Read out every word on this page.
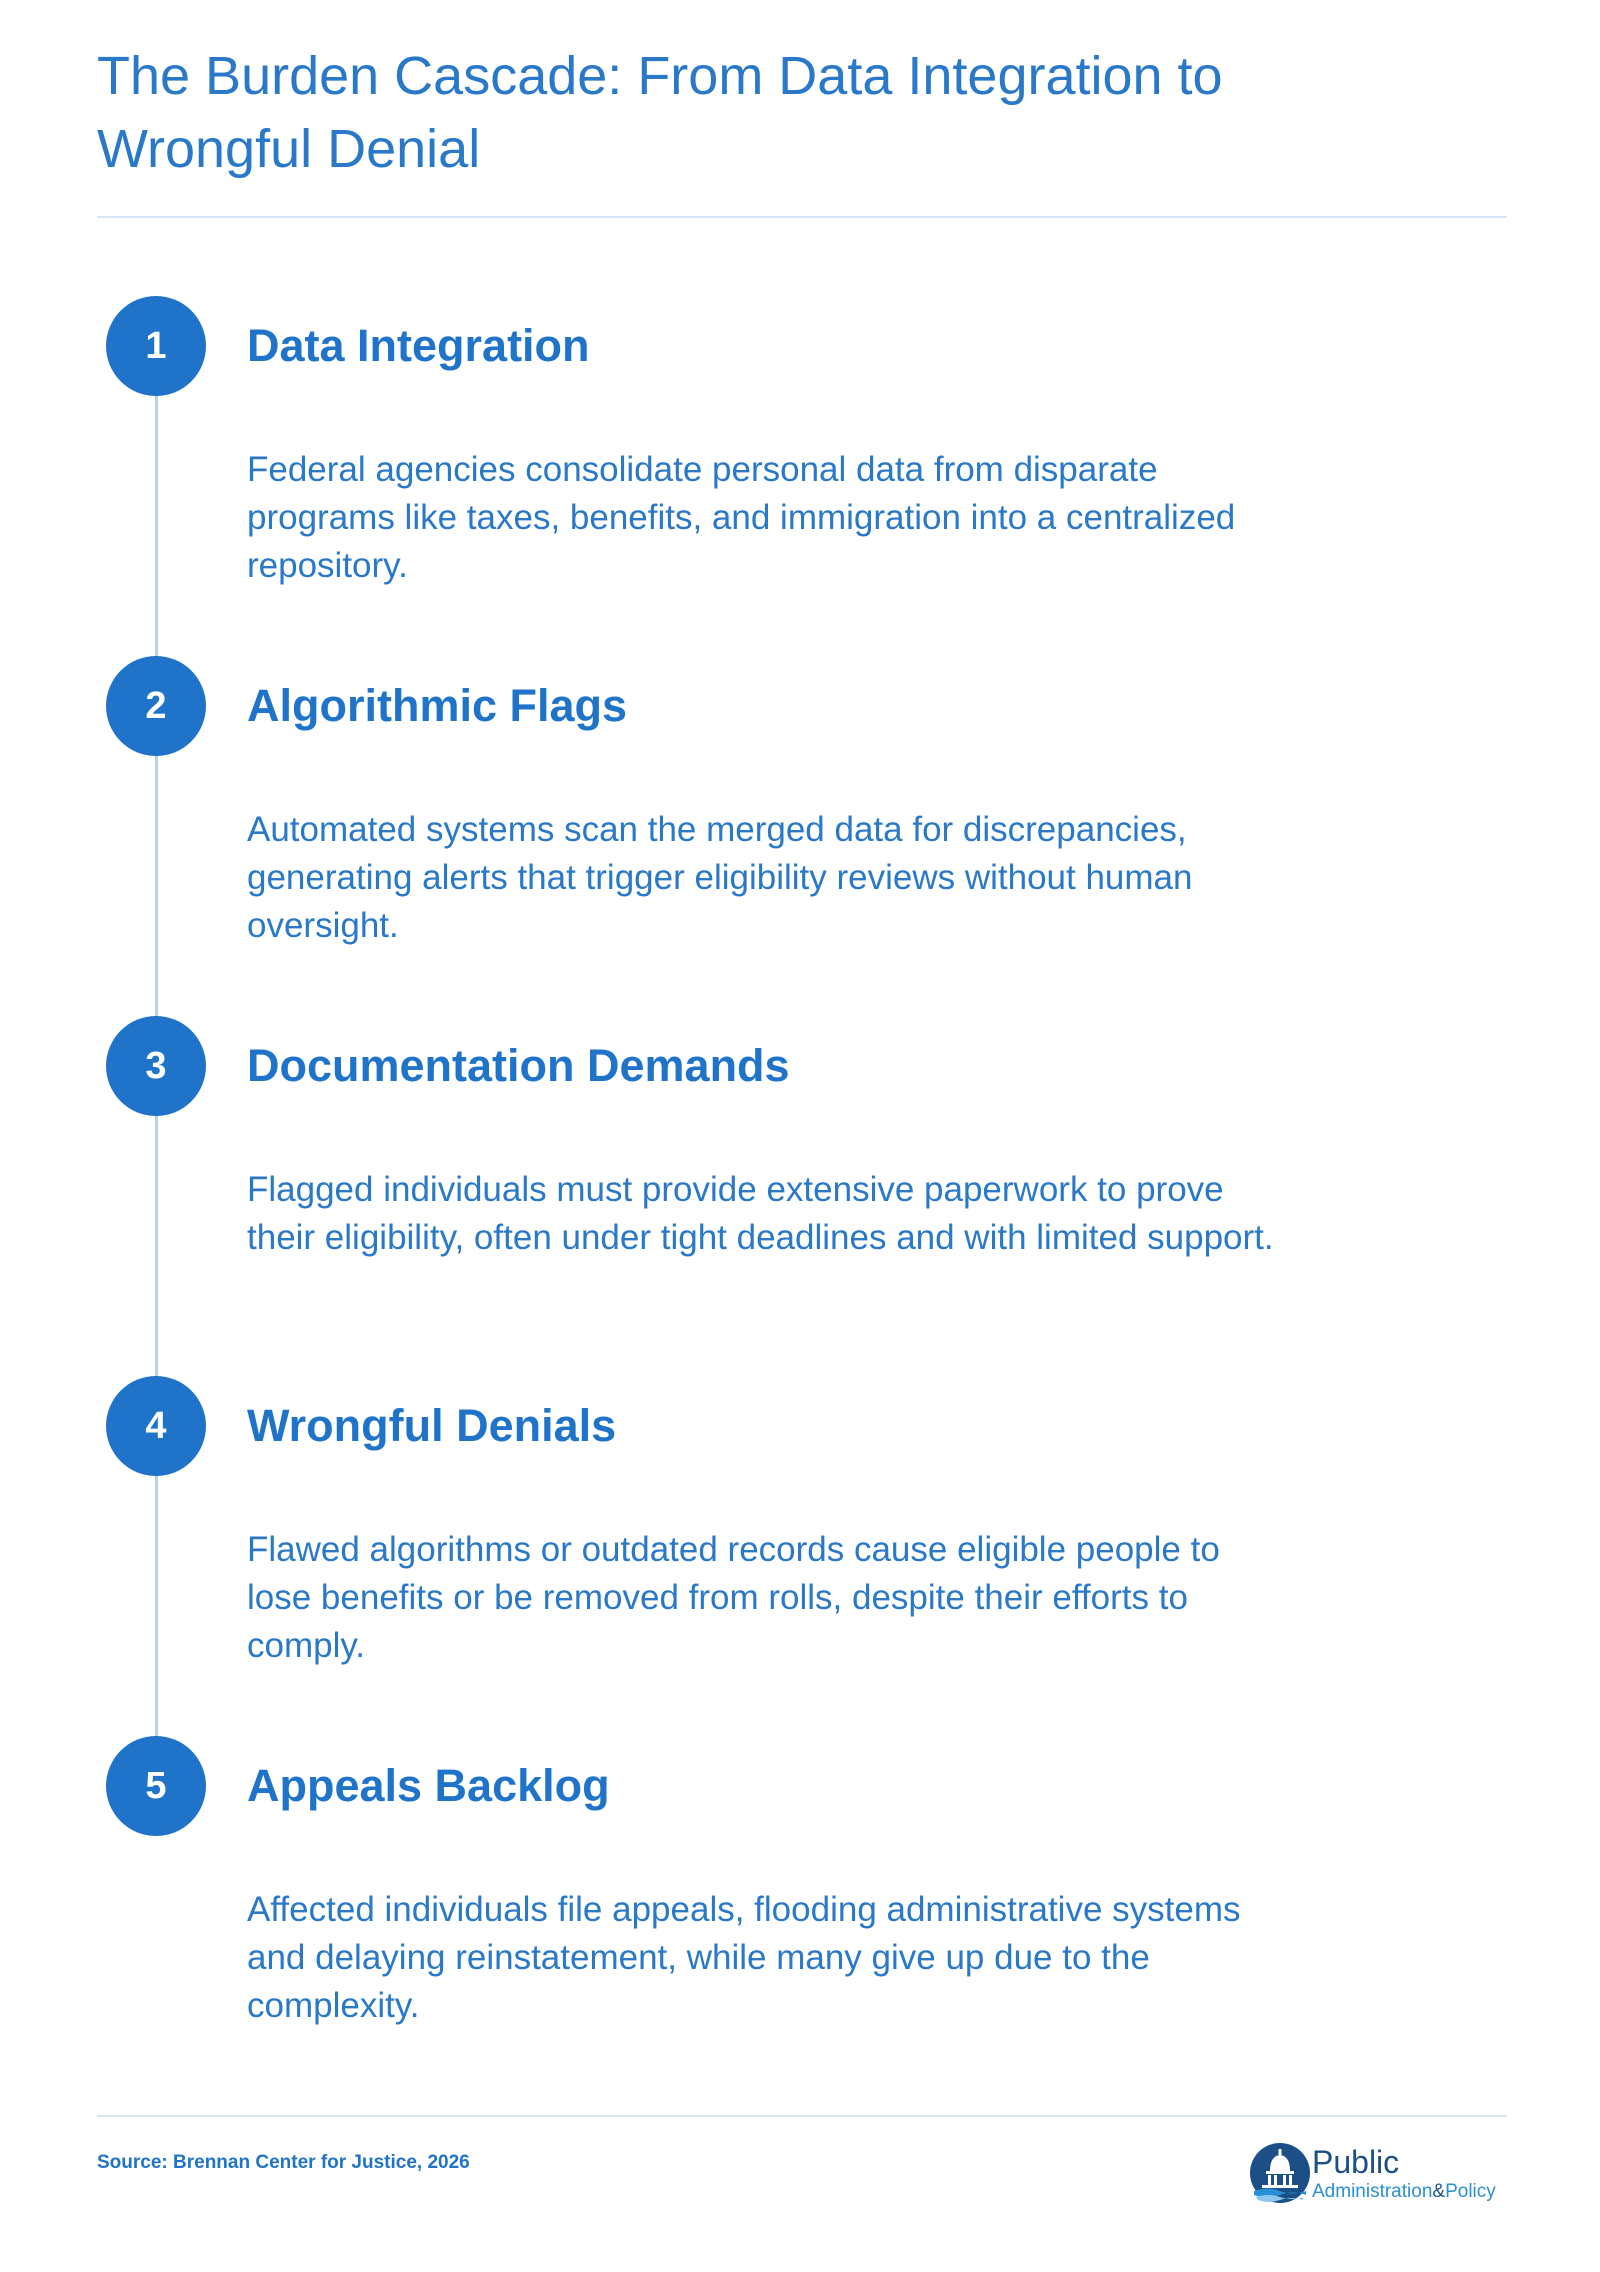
The Burden Cascade: From Data Integration to Wrongful Denial
1	Data Integration

Federal agencies consolidate personal data from disparate programs like taxes, benefits, and immigration into a centralized repository.

2	Algorithmic Flags

Automated systems scan the merged data for discrepancies, generating alerts that trigger eligibility reviews without human oversight.

3	Documentation Demands

Flagged individuals must provide extensive paperwork to prove their eligibility, often under tight deadlines and with limited support.

4	Wrongful Denials

Flawed algorithms or outdated records cause eligible people to lose benefits or be removed from rolls, despite their efforts to comply.

5	Appeals Backlog

Affected individuals file appeals, flooding administrative systems and delaying reinstatement, while many give up due to the complexity.

Source: Brennan Center for Justice, 2026	Public
Administration&Policy
